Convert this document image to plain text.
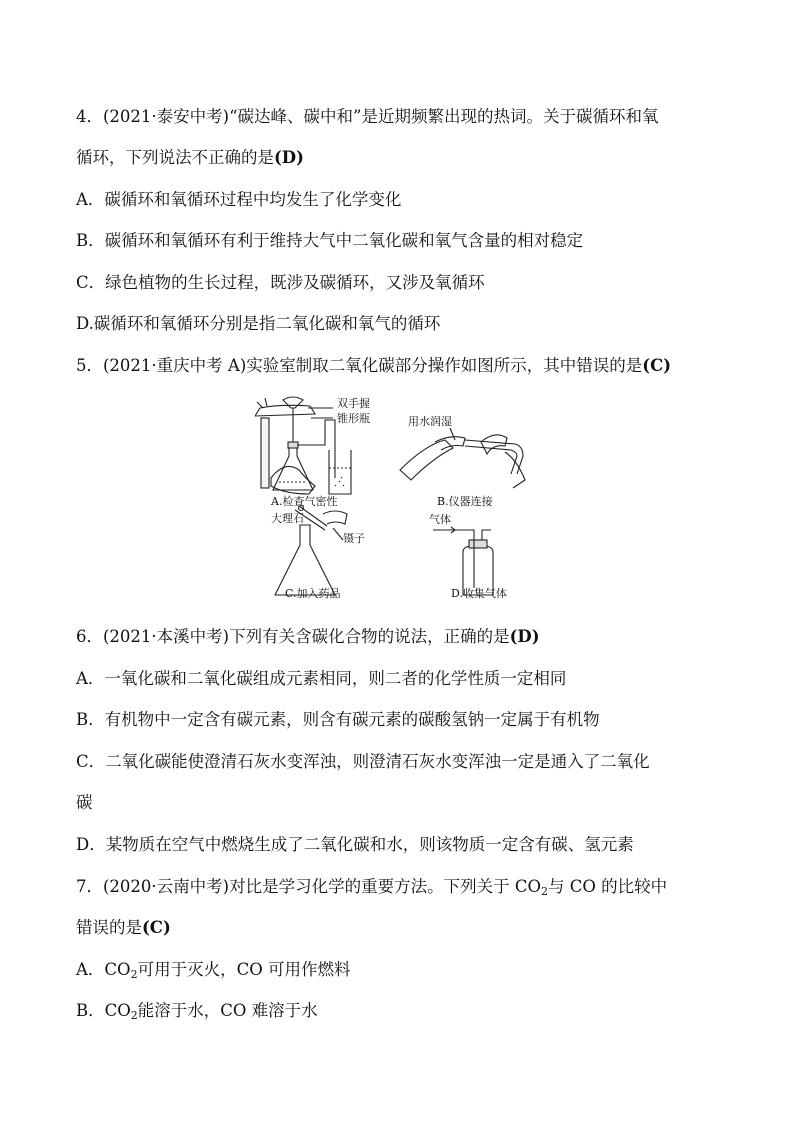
4．(2021·泰安中考)“碳达峰、碳中和”是近期频繁出现的热词。关于碳循环和氧
循环，下列说法不正确的是(D)
A．碳循环和氧循环过程中均发生了化学变化
B．碳循环和氧循环有利于维持大气中二氧化碳和氧气含量的相对稳定
C．绿色植物的生长过程，既涉及碳循环，又涉及氧循环
D.碳循环和氧循环分别是指二氧化碳和氧气的循环
5．(2021·重庆中考 A)实验室制取二氧化碳部分操作如图所示，其中错误的是(C)
双手握
锥形瓶
A.检查气密性
用水润湿
B.仪器连接
大理石
镊子
C.加入药品
气体
D.收集气体
6．(2021·本溪中考)下列有关含碳化合物的说法，正确的是(D)
A．一氧化碳和二氧化碳组成元素相同，则二者的化学性质一定相同
B．有机物中一定含有碳元素，则含有碳元素的碳酸氢钠一定属于有机物
C．二氧化碳能使澄清石灰水变浑浊，则澄清石灰水变浑浊一定是通入了二氧化
碳
D．某物质在空气中燃烧生成了二氧化碳和水，则该物质一定含有碳、氢元素
7．(2020·云南中考)对比是学习化学的重要方法。下列关于 $CO_2$与 CO 的比较中
错误的是(C)
A．$CO_2$可用于灭火，CO 可用作燃料
B．$CO_2$能溶于水，CO 难溶于水
